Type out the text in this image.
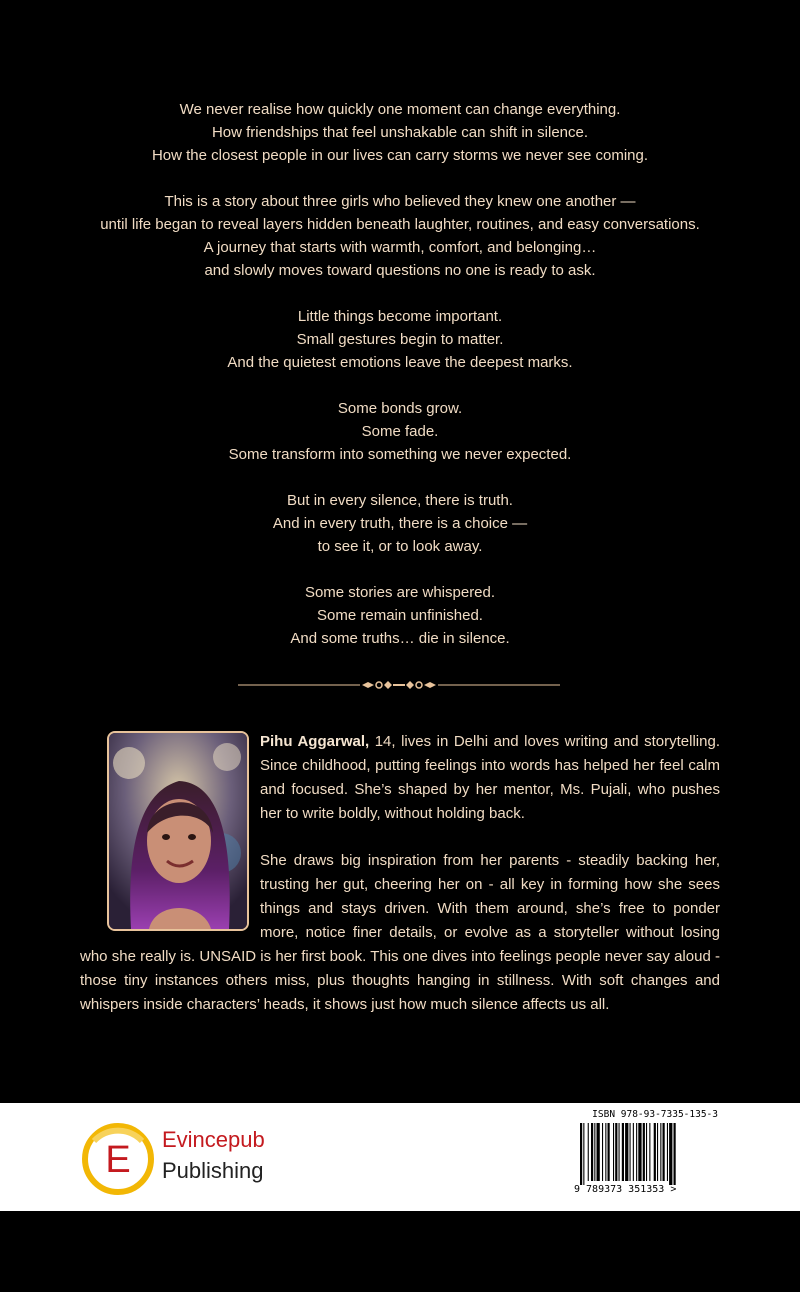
We never realise how quickly one moment can change everything.
How friendships that feel unshakable can shift in silence.
How the closest people in our lives can carry storms we never see coming.
This is a story about three girls who believed they knew one another —
until life began to reveal layers hidden beneath laughter, routines, and easy conversations.
A journey that starts with warmth, comfort, and belonging…
and slowly moves toward questions no one is ready to ask.
Little things become important.
Small gestures begin to matter.
And the quietest emotions leave the deepest marks.
Some bonds grow.
Some fade.
Some transform into something we never expected.
But in every silence, there is truth.
And in every truth, there is a choice —
to see it, or to look away.
Some stories are whispered.
Some remain unfinished.
And some truths… die in silence.

Pihu Aggarwal, 14, lives in Delhi and loves writing and storytelling. Since childhood, putting feelings into words has helped her feel calm and focused. She’s shaped by her mentor, Ms. Pujali, who pushes her to write boldly, without holding back.

She draws big inspiration from her parents - steadily backing her, trusting her gut, cheering her on - all key in forming how she sees things and stays driven. With them around, she’s free to ponder more, notice finer details, or evolve as a storyteller without losing who she really is. UNSAID is her first book. This one dives into feelings people never say aloud - those tiny instances others miss, plus thoughts hanging in stillness. With soft changes and whispers inside characters’ heads, it shows just how much silence affects us all.

E Evincepub
Publishing
ISBN 978-93-7335-135-3
9 789373 351353 >
